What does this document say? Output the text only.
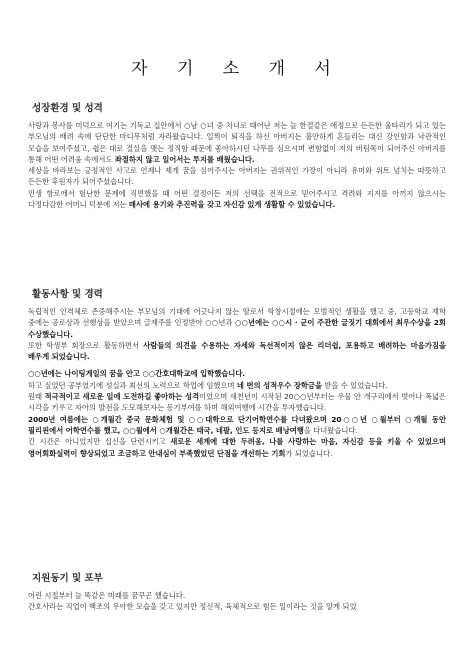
자 기 소 개 서
성장환경 및 성격

사랑과 봉사를 미덕으로 여기는 기독교 집안에서 ○남 ○녀 중 차녀로 태어난 저는 늘 한결같은 애정으로 든든한 울타리가 되고 있는 부모님의 배려 속에 단단한 마디무처럼 자라왔습니다. 일찍이 퇴직을 하신 아버지는 불안하게 흔들리는 대신 강인함과 낙관적인 모습을 보여주셨고, 쉽은 대로 결실을 맺는 정직함 때문에 좋아하시던 나무를 심으시며 변함없이 저의 버팀목이 되어주신 아버지를 통해 어떤 어려움 속에서도 좌절하지 않고 일어서는 투지를 배웠습니다.

세상을 바라보는 긍정적인 사고로 언제나 제게 꿈을 심어주시는 아버지는 권위적인 가장이 아니라 유머와 위트 넘치는 따뜻하고 든든한 후원자가 되어주셨습니다.

인생 항로에서 험난한 문제에 직면했을 때 어떤 결정이든 저의 선택을 전적으로 믿어주시고 격려와 지지를 아끼지 않으시는 다정다감한 어머니 덕분에 저는 매사에 용기와 추진력을 갖고 자신감 있게 생활할 수 있었습니다.

활동사항 및 경력

독립적인 인격체로 존중해주시는 부모님의 기대에 어긋나지 않는 딸로서 학창시절에는 모범적인 생활을 했고 중, 고등학교 재학 중에는 공로상과 선행상을 받았으며 글재주를 인정받아 ○○년과 ○○년에는 ○○시 · 군이 주관한 글짓기 대회에서 최우수상을 2회 수상했습니다.

또한 학생부 회장으로 활동하면서 사람들의 의견을 수용하는 자세와 독선적이지 않은 리더쉽, 포용하고 배려하는 마음가짐을 배우게 되었습니다.

○○년에는 나이팅게일의 꿈을 안고 ○○간호대학교에 입학했습니다.

하고 싶었던 공부였기에 성실과 최선의 노력으로 학업에 임했으며 네 번의 성적우수 장학금을 받을 수 있었습니다.

원래 적극적이고 새로운 일에 도전하길 좋아하는 성격이었으며 새천년이 시작된 20○○년부터는 우물 안 개구리에서 벗어나 폭넓은 시각을 키우고 자아의 발전을 도모해보자는 동기부여를 하며 해외여행에 시간을 투자했습니다.

2000년 여름에는 ○개월간 중국 문화체험 및 ○○대학으로 단기어학연수를 다녀왔으며 20○○년 ○월부터 ○개월 동안 필리핀에서 어학연수를 했고, ○○월에서 ○개월간은 태국, 네팔, 인도 등지로 배낭여행을 다녀왔습니다.

긴 시간은 아니었지만 십신을 단련시키고 새로운 세계에 대한 두려움, 나를 사랑하는 마음, 자신감 등을 키울 수 있었으며 영어회화실력이 향상되었고 조금하고 안내심이 부족했었던 단점을 개선하는 기회가 되었습니다.

지원동기 및 포부

어린 시절부터 늘 똑같은 미래를 꿈꾸곤 했습니다.

간호사라는 직업이 백조의 우아한 모습을 갖고 있지만 정신적, 육체적으로 힘든 일이라는 것을 알게 되었
